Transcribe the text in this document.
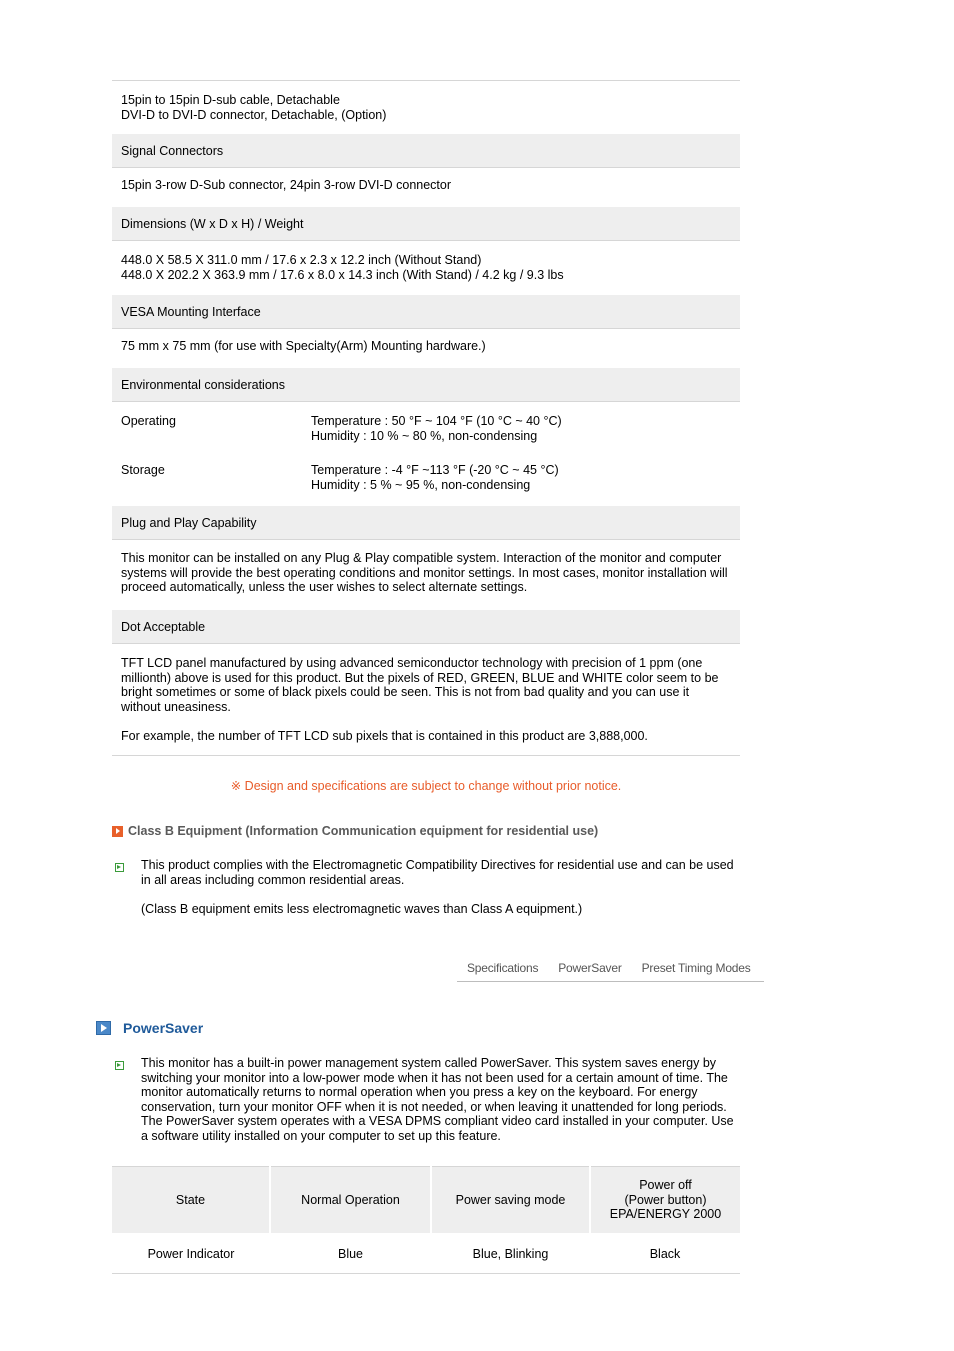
15pin to 15pin D-sub cable, Detachable

DVI-D to DVI-D connector, Detachable, (Option)

Signal Connectors

15pin 3-row D-Sub connector, 24pin 3-row DVI-D connector

Dimensions (W x D x H) / Weight

448.0 X 58.5 X 311.0 mm / 17.6 x 2.3 x 12.2 inch (Without Stand)

448.0 X 202.2 X 363.9 mm / 17.6 x 8.0 x 14.3 inch (With Stand) / 4.2 kg / 9.3 lbs

VESA Mounting Interface

75 mm x 75 mm (for use with Specialty(Arm) Mounting hardware.)

Environmental considerations

Operating	Temperature : 50 °F ~ 104 °F (10 °C ~ 40 °C)

Humidity : 10 % ~ 80 %, non-condensing

Storage	Temperature : -4 °F ~113 °F (-20 °C ~ 45 °C)

Humidity : 5 % ~ 95 %, non-condensing

Plug and Play Capability

This monitor can be installed on any Plug & Play compatible system. Interaction of the monitor and computer systems will provide the best operating conditions and monitor settings. In most cases, monitor installation will proceed automatically, unless the user wishes to select alternate settings.

Dot Acceptable

TFT LCD panel manufactured by using advanced semiconductor technology with precision of 1 ppm (one millionth) above is used for this product. But the pixels of RED, GREEN, BLUE and WHITE color seem to be bright sometimes or some of black pixels could be seen. This is not from bad quality and you can use it without uneasiness.

For example, the number of TFT LCD sub pixels that is contained in this product are 3,888,000.

※ Design and specifications are subject to change without prior notice.
Class B Equipment (Information Communication equipment for residential use)

This product complies with the Electromagnetic Compatibility Directives for residential use and can be used in all areas including common residential areas.

(Class B equipment emits less electromagnetic waves than Class A equipment.)

Specifications	PowerSaver	Preset Timing Modes
PowerSaver

This monitor has a built-in power management system called PowerSaver. This system saves energy by switching your monitor into a low-power mode when it has not been used for a certain amount of time. The monitor automatically returns to normal operation when you press a key on the keyboard. For energy conservation, turn your monitor OFF when it is not needed, or when leaving it unattended for long periods. The PowerSaver system operates with a VESA DPMS compliant video card installed in your computer. Use a software utility installed on your computer to set up this feature.

State	Normal Operation	Power saving mode	Power off
(Power button)
EPA/ENERGY 2000

Power Indicator	Blue	Blue, Blinking	Black
